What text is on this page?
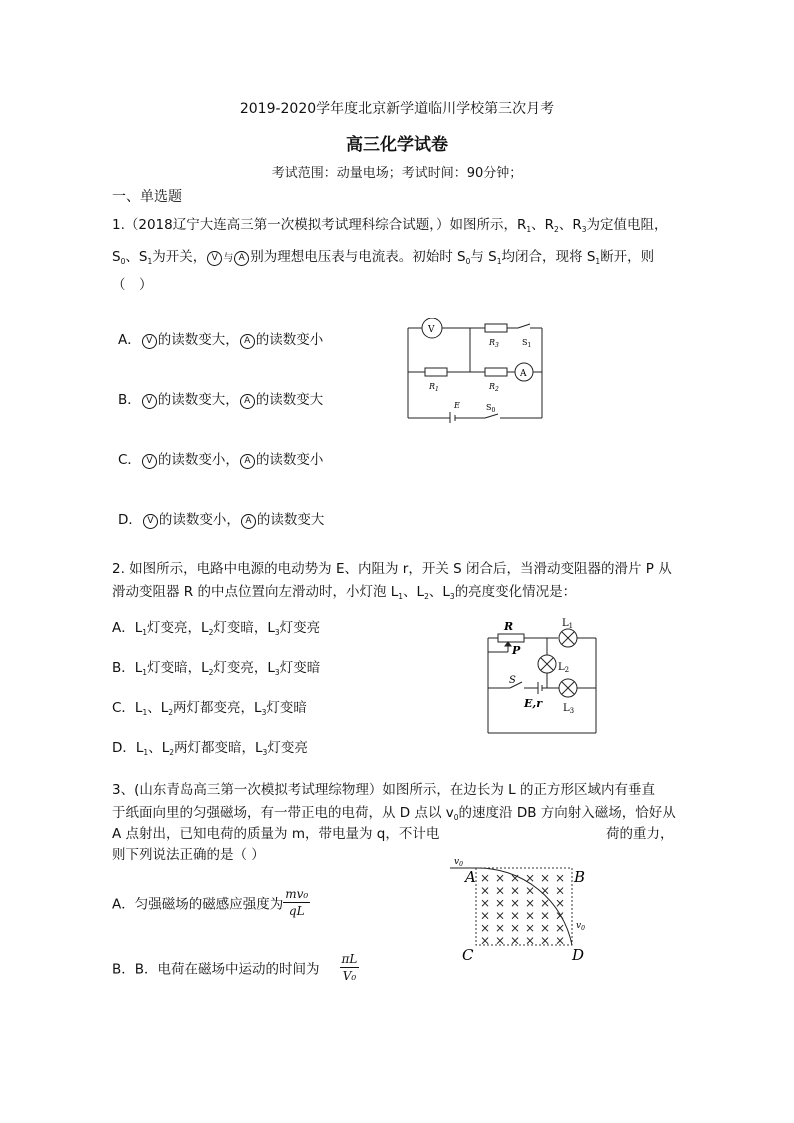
2019-2020学年度北京新学道临川学校第三次月考
高三化学试卷
考试范围：动量电场；考试时间：90分钟；
一、单选题
1.（2018辽宁大连高三第一次模拟考试理科综合试题，）如图所示，$R_1$、$R_2$、$R_3$为定值电阻，
$S_0$、$S_1$为开关， V 与 A 别为理想电压表与电流表。初始时 $S_0$与 $S_1$均闭合，现将 $S_1$断开，则
（　）
A． V 的读数变大， A 的读数变小
B． V 的读数变大， A 的读数变大
C． V 的读数变小， A 的读数变小
D． V 的读数变小， A 的读数变大
V
A
$R_3$	$S_1$
$R_1$	$R_2$
E	$S_0$
2. 如图所示，电路中电源的电动势为 E、内阻为 r，开关 S 闭合后，当滑动变阻器的滑片 P 从
滑动变阻器 R 的中点位置向左滑动时，小灯泡 $L_1$、$L_2$、$L_3$的亮度变化情况是：
A．$L_1$灯变亮，$L_2$灯变暗，$L_3$灯变亮
B．$L_1$灯变暗，$L_2$灯变亮，$L_3$灯变暗
C．$L_1$、$L_2$两灯都变亮，$L_3$灯变暗
D．$L_1$、$L_2$两灯都变暗，$L_3$灯变亮
R
P
$L_1$
$L_2$
S
E,r $L_3$
3、(山东青岛高三第一次模拟考试理综物理）如图所示，在边长为 L 的正方形区域内有垂直
于纸面向里的匀强磁场，有一带正电的电荷，从 D 点以 $v_0$的速度沿 DB 方向射入磁场，恰好从
A 点射出，已知电荷的质量为 m，带电量为 q，不计电	荷的重力，
则下列说法正确的是（ ）
A．匀强磁场的磁感应强度为 $\frac{\text{mv₀}}{qL}$
B．B．电荷在磁场中运动的时间为 $\frac{\pi L}{\text{V₀}}$
× × × × × ×
× × × × × ×
× × × × × ×
× × × × × ×
× × × × × ×
× × × × × ×
$v_0$
$v_0$
A	B
C	D
